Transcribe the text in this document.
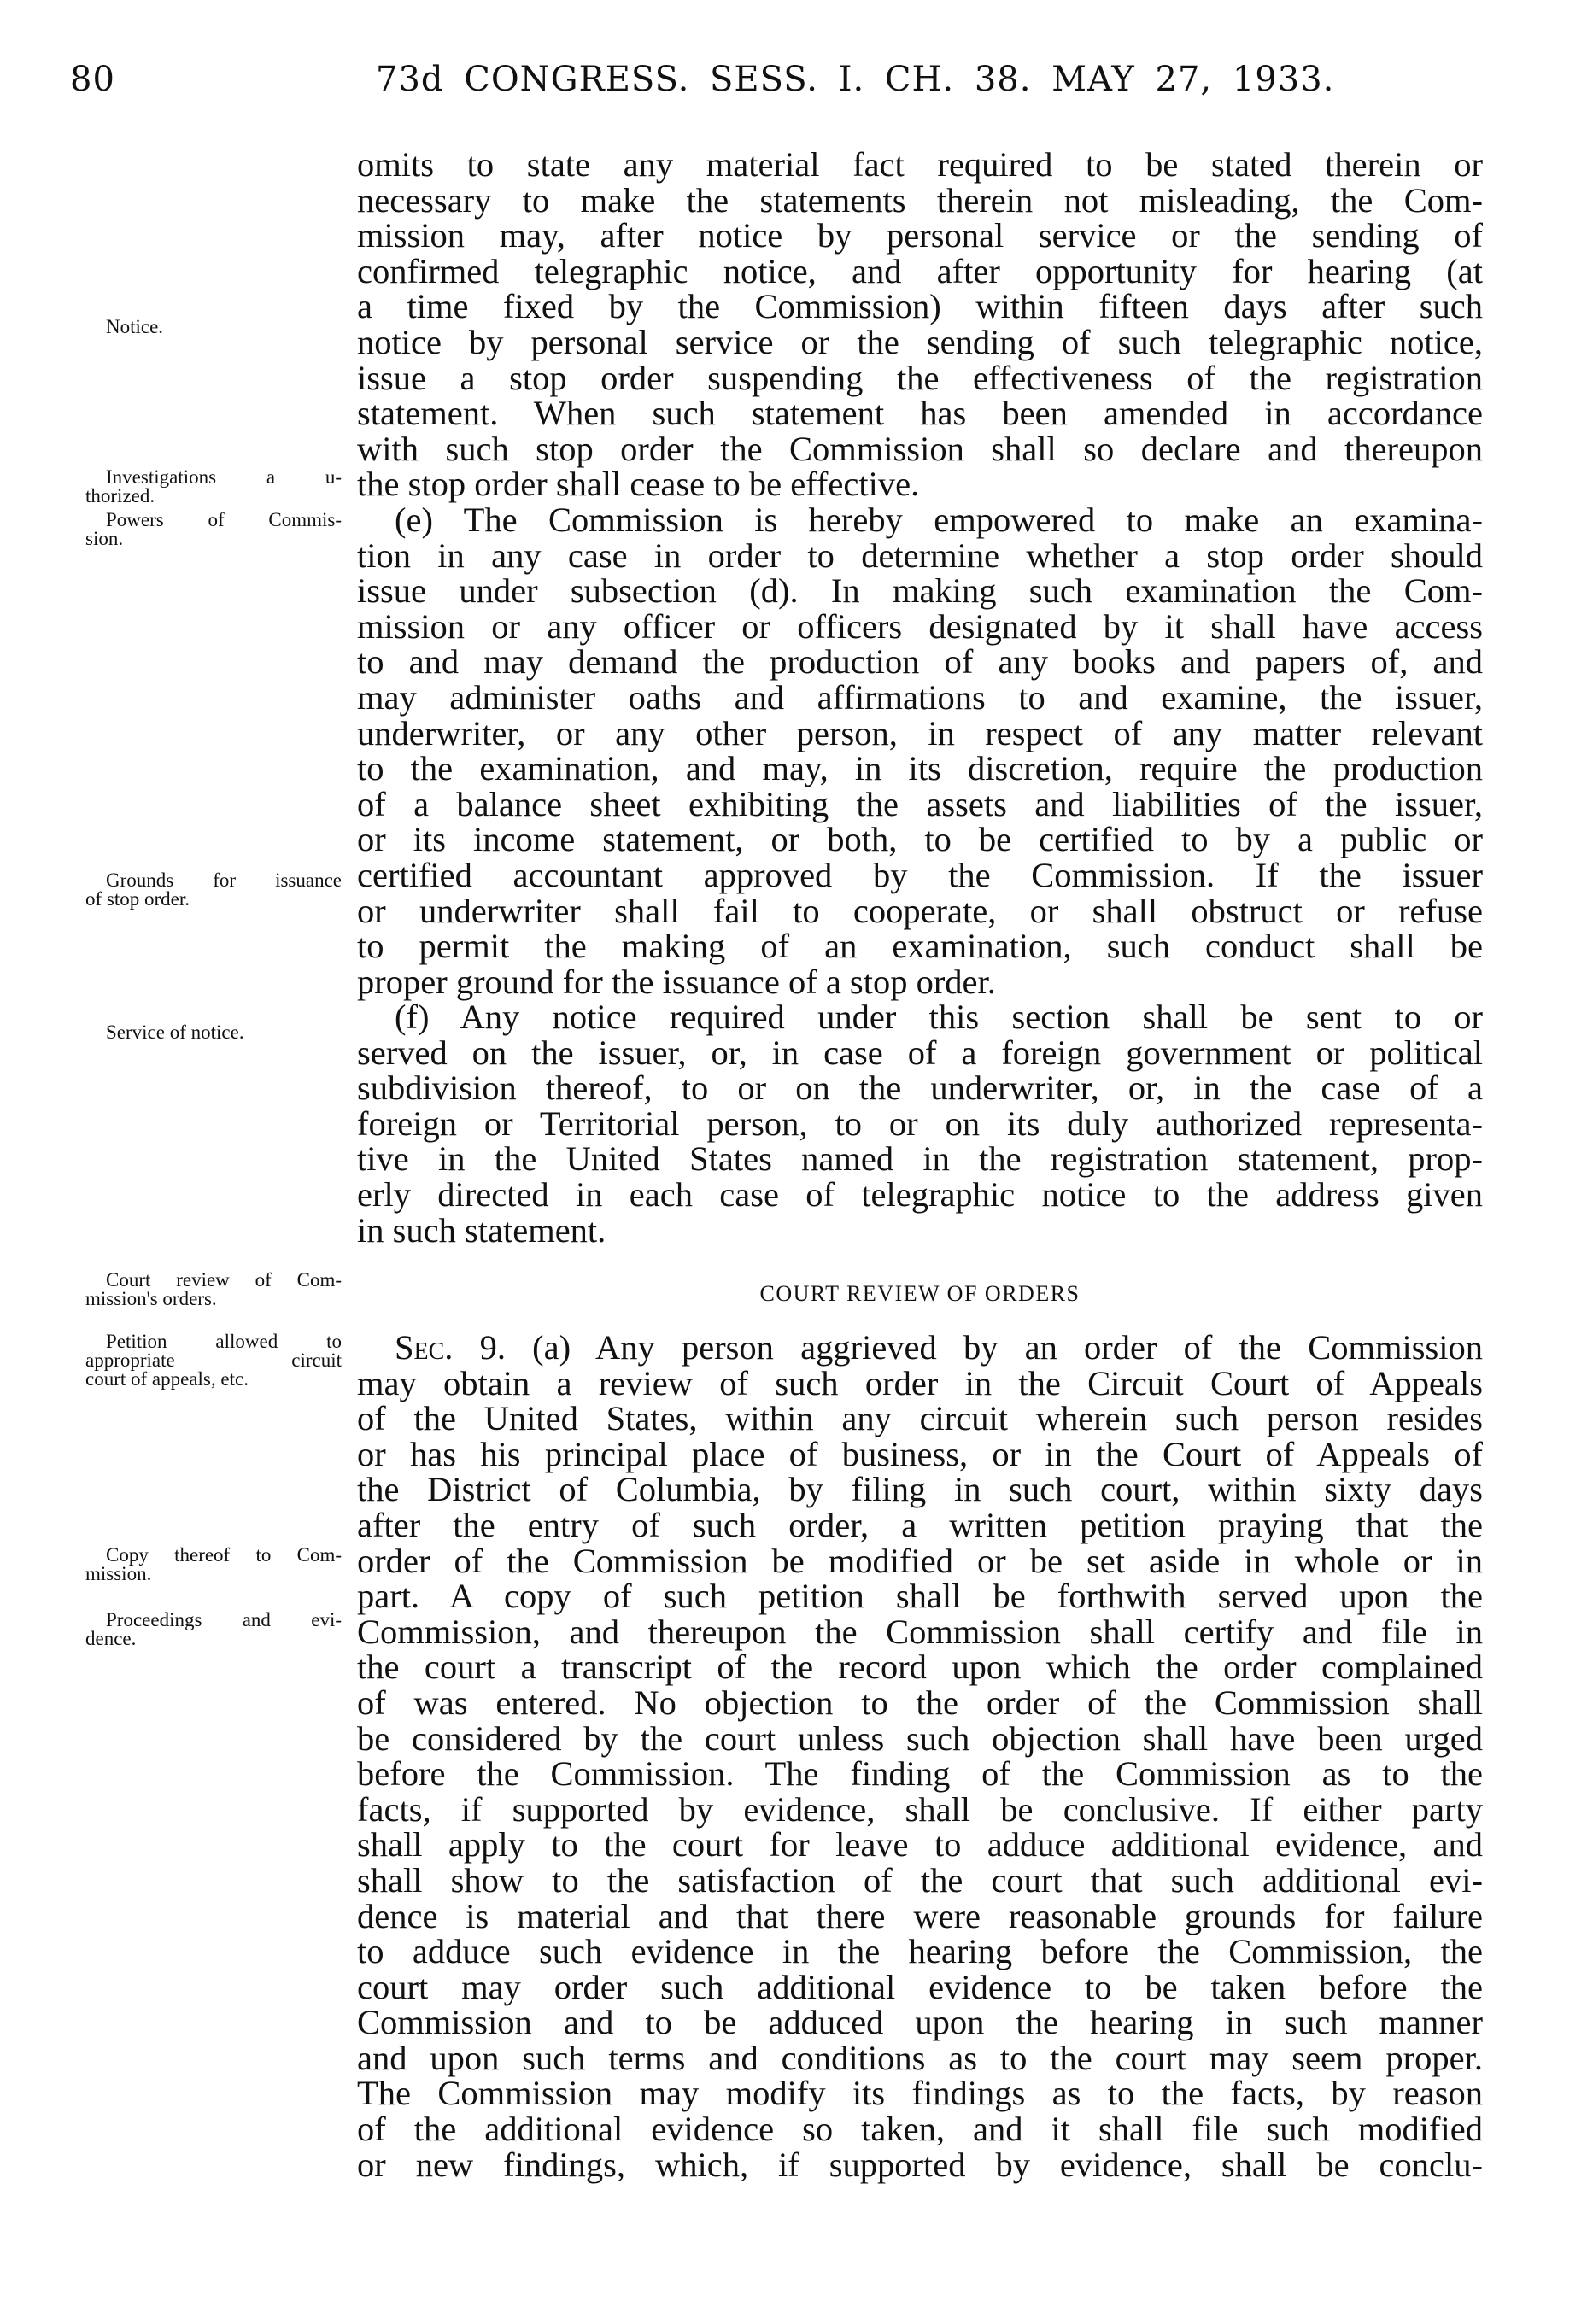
80	73d CONGRESS. SESS. I. CH. 38. MAY 27, 1933.
Notice.
Investigations a u-
thorized.
Powers of Commis-
sion.
Grounds for issuance
of stop order.
Service of notice.
Court review of Com-
mission's orders.
Petition allowed to
appropriate circuit
court of appeals, etc.
Copy thereof to Com-
mission.
Proceedings and evi-
dence.
omits to state any material fact required to be stated therein or
necessary to make the statements therein not misleading, the Com-
mission may, after notice by personal service or the sending of
confirmed telegraphic notice, and after opportunity for hearing (at
a time fixed by the Commission) within fifteen days after such
notice by personal service or the sending of such telegraphic notice,
issue a stop order suspending the effectiveness of the registration
statement. When such statement has been amended in accordance
with such stop order the Commission shall so declare and thereupon
the stop order shall cease to be effective.
(e) The Commission is hereby empowered to make an examina-
tion in any case in order to determine whether a stop order should
issue under subsection (d). In making such examination the Com-
mission or any officer or officers designated by it shall have access
to and may demand the production of any books and papers of, and
may administer oaths and affirmations to and examine, the issuer,
underwriter, or any other person, in respect of any matter relevant
to the examination, and may, in its discretion, require the production
of a balance sheet exhibiting the assets and liabilities of the issuer,
or its income statement, or both, to be certified to by a public or
certified accountant approved by the Commission. If the issuer
or underwriter shall fail to cooperate, or shall obstruct or refuse
to permit the making of an examination, such conduct shall be
proper ground for the issuance of a stop order.
(f) Any notice required under this section shall be sent to or
served on the issuer, or, in case of a foreign government or political
subdivision thereof, to or on the underwriter, or, in the case of a
foreign or Territorial person, to or on its duly authorized representa-
tive in the United States named in the registration statement, prop-
erly directed in each case of telegraphic notice to the address given
in such statement.
COURT REVIEW OF ORDERS
Sec. 9. (a) Any person aggrieved by an order of the Commission
may obtain a review of such order in the Circuit Court of Appeals
of the United States, within any circuit wherein such person resides
or has his principal place of business, or in the Court of Appeals of
the District of Columbia, by filing in such court, within sixty days
after the entry of such order, a written petition praying that the
order of the Commission be modified or be set aside in whole or in
part. A copy of such petition shall be forthwith served upon the
Commission, and thereupon the Commission shall certify and file in
the court a transcript of the record upon which the order complained
of was entered. No objection to the order of the Commission shall
be considered by the court unless such objection shall have been urged
before the Commission. The finding of the Commission as to the
facts, if supported by evidence, shall be conclusive. If either party
shall apply to the court for leave to adduce additional evidence, and
shall show to the satisfaction of the court that such additional evi-
dence is material and that there were reasonable grounds for failure
to adduce such evidence in the hearing before the Commission, the
court may order such additional evidence to be taken before the
Commission and to be adduced upon the hearing in such manner
and upon such terms and conditions as to the court may seem proper.
The Commission may modify its findings as to the facts, by reason
of the additional evidence so taken, and it shall file such modified
or new findings, which, if supported by evidence, shall be conclu-
